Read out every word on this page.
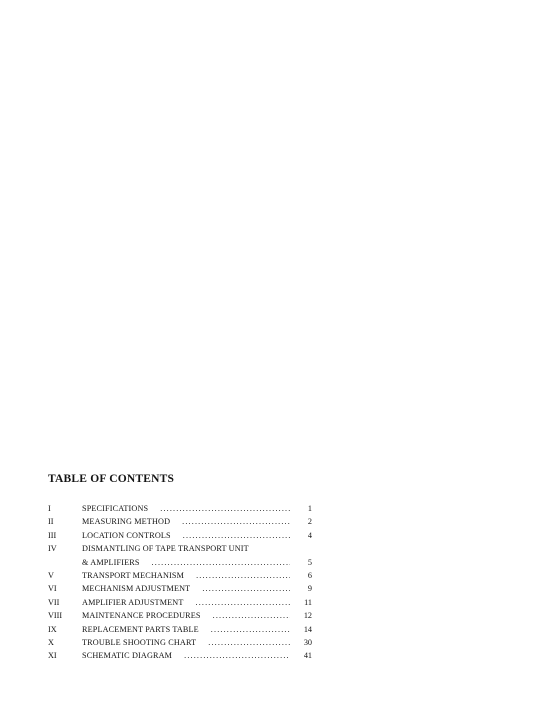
TABLE OF CONTENTS
I	SPECIFICATIONS . . .	1
II	MEASURING METHOD . . .	2
III	LOCATION CONTROLS . . .	4
IV	DISMANTLING OF TAPE TRANSPORT UNIT
& AMPLIFIERS . . .	5
V	TRANSPORT MECHANISM . . .	6
VI	MECHANISM ADJUSTMENT . . .	9
VII	AMPLIFIER ADJUSTMENT . . .	11
VIII MAINTENANCE PROCEDURES . . .	12
IX	REPLACEMENT PARTS TABLE . . .	14
X	TROUBLE SHOOTING CHART . . .	30
XI	SCHEMATIC DIAGRAM . . .	41
